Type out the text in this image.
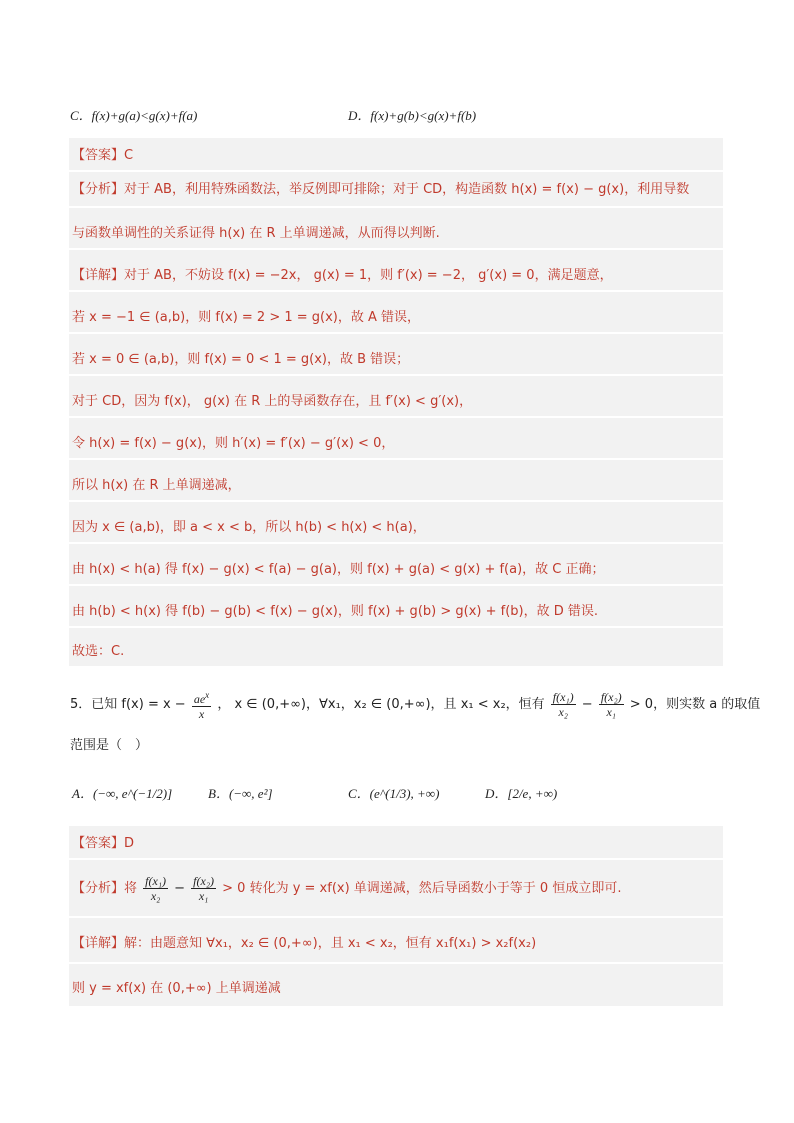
C．f(x)+g(a)<g(x)+f(a)	D．f(x)+g(b)<g(x)+f(b)
【答案】C
【分析】对于 AB，利用特殊函数法，举反例即可排除；对于 CD，构造函数 h(x) = f(x) − g(x)，利用导数
与函数单调性的关系证得 h(x) 在 R 上单调递减，从而得以判断.
【详解】对于 AB，不妨设 f(x) = −2x， g(x) = 1，则 f′(x) = −2， g′(x) = 0，满足题意，
若 x = −1 ∈ (a,b)，则 f(x) = 2 > 1 = g(x)，故 A 错误，
若 x = 0 ∈ (a,b)，则 f(x) = 0 < 1 = g(x)，故 B 错误；
对于 CD，因为 f(x)， g(x) 在 R 上的导函数存在，且 f′(x) < g′(x)，
令 h(x) = f(x) − g(x)，则 h′(x) = f′(x) − g′(x) < 0，
所以 h(x) 在 R 上单调递减，
因为 x ∈ (a,b)，即 a < x < b，所以 h(b) < h(x) < h(a)，
由 h(x) < h(a) 得 f(x) − g(x) < f(a) − g(a)，则 f(x) + g(a) < g(x) + f(a)，故 C 正确；
由 h(b) < h(x) 得 f(b) − g(b) < f(x) − g(x)，则 f(x) + g(b) > g(x) + f(b)，故 D 错误.
故选：C.
5．已知 $f(x) = x - \frac{ae^x}{x}$ ， x ∈ (0,+∞)，∀x₁，x₂ ∈ (0,+∞)，且 x₁ < x₂，恒有 $\frac{\text{f(x₁)}}{\text{x₂}} - \frac{\text{f(x₂)}}{\text{x₁}} > 0$，则实数 a 的取值
范围是（　）
A．(−∞, e^(−1/2)]	B．(−∞, e²]	C．(e^(1/3), +∞)	D．[2/e, +∞)
【答案】D
【分析】将 $\frac{\text{f(x₁)}}{\text{x₂}} - \frac{\text{f(x₂)}}{\text{x₁}} > 0$ 转化为 y = xf(x) 单调递减，然后导函数小于等于 0 恒成立即可.
【详解】解：由题意知 ∀x₁，x₂ ∈ (0,+∞)，且 x₁ < x₂，恒有 x₁f(x₁) > x₂f(x₂)
则 y = xf(x) 在 (0,+∞) 上单调递减
